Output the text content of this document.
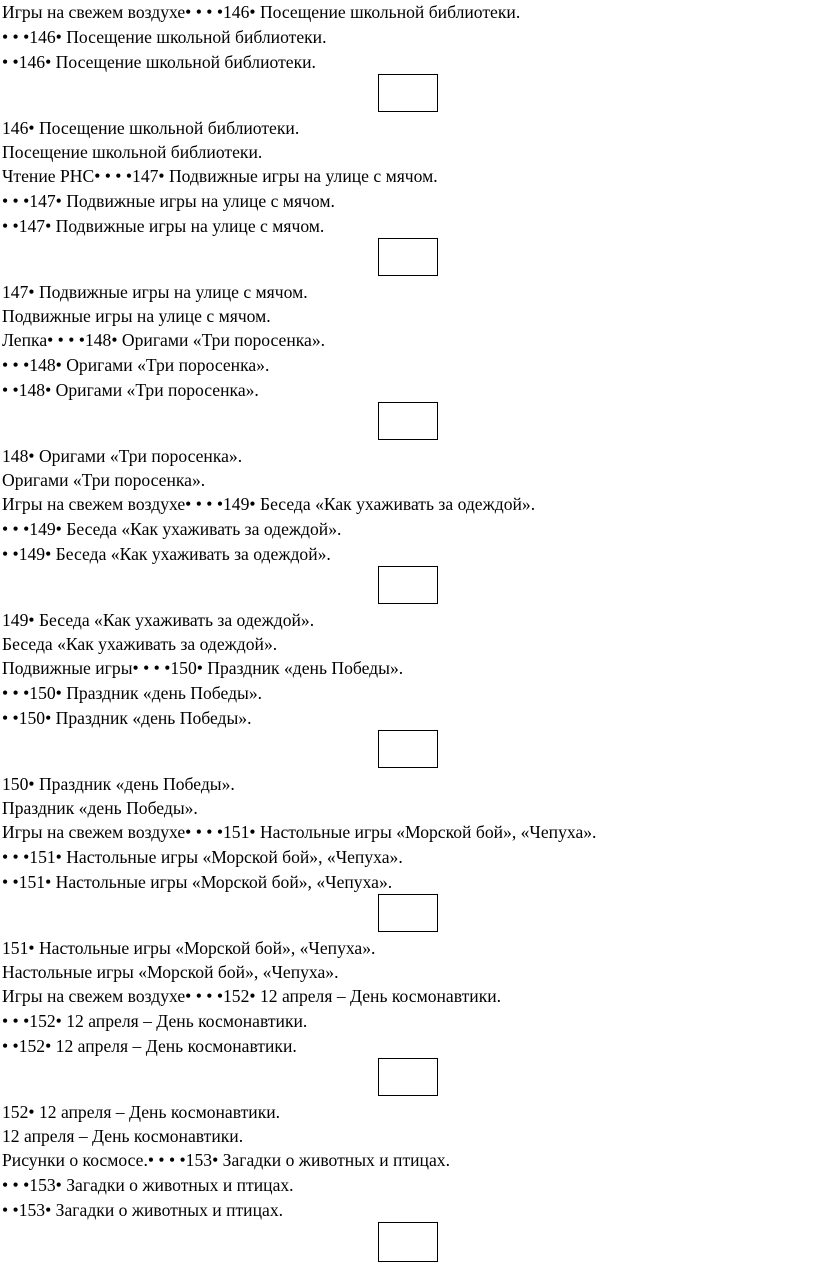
Игры на свежем воздухе• • • •146• Посещение школьной библиотеки.
• • •146• Посещение школьной библиотеки.
• •146• Посещение школьной библиотеки.
146• Посещение школьной библиотеки.
Посещение школьной библиотеки.
Чтение РНС• • • •147• Подвижные игры на улице с мячом.
• • •147• Подвижные игры на улице с мячом.
• •147• Подвижные игры на улице с мячом.
147• Подвижные игры на улице с мячом.
Подвижные игры на улице с мячом.
Лепка• • • •148• Оригами «Три поросенка».
• • •148• Оригами «Три поросенка».
• •148• Оригами «Три поросенка».
148• Оригами «Три поросенка».
Оригами «Три поросенка».
Игры на свежем воздухе• • • •149• Беседа «Как ухаживать за одеждой».
• • •149• Беседа «Как ухаживать за одеждой».
• •149• Беседа «Как ухаживать за одеждой».
149• Беседа «Как ухаживать за одеждой».
Беседа «Как ухаживать за одеждой».
Подвижные игры• • • •150• Праздник «день Победы».
• • •150• Праздник «день Победы».
• •150• Праздник «день Победы».
150• Праздник «день Победы».
Праздник «день Победы».
Игры на свежем воздухе• • • •151• Настольные игры «Морской бой», «Чепуха».
• • •151• Настольные игры «Морской бой», «Чепуха».
• •151• Настольные игры «Морской бой», «Чепуха».
151• Настольные игры «Морской бой», «Чепуха».
Настольные игры «Морской бой», «Чепуха».
Игры на свежем воздухе• • • •152• 12 апреля – День космонавтики.
• • •152• 12 апреля – День космонавтики.
• •152• 12 апреля – День космонавтики.
152• 12 апреля – День космонавтики.
12 апреля – День космонавтики.
Рисунки о космосе.• • • •153• Загадки о животных и птицах.
• • •153• Загадки о животных и птицах.
• •153• Загадки о животных и птицах.
